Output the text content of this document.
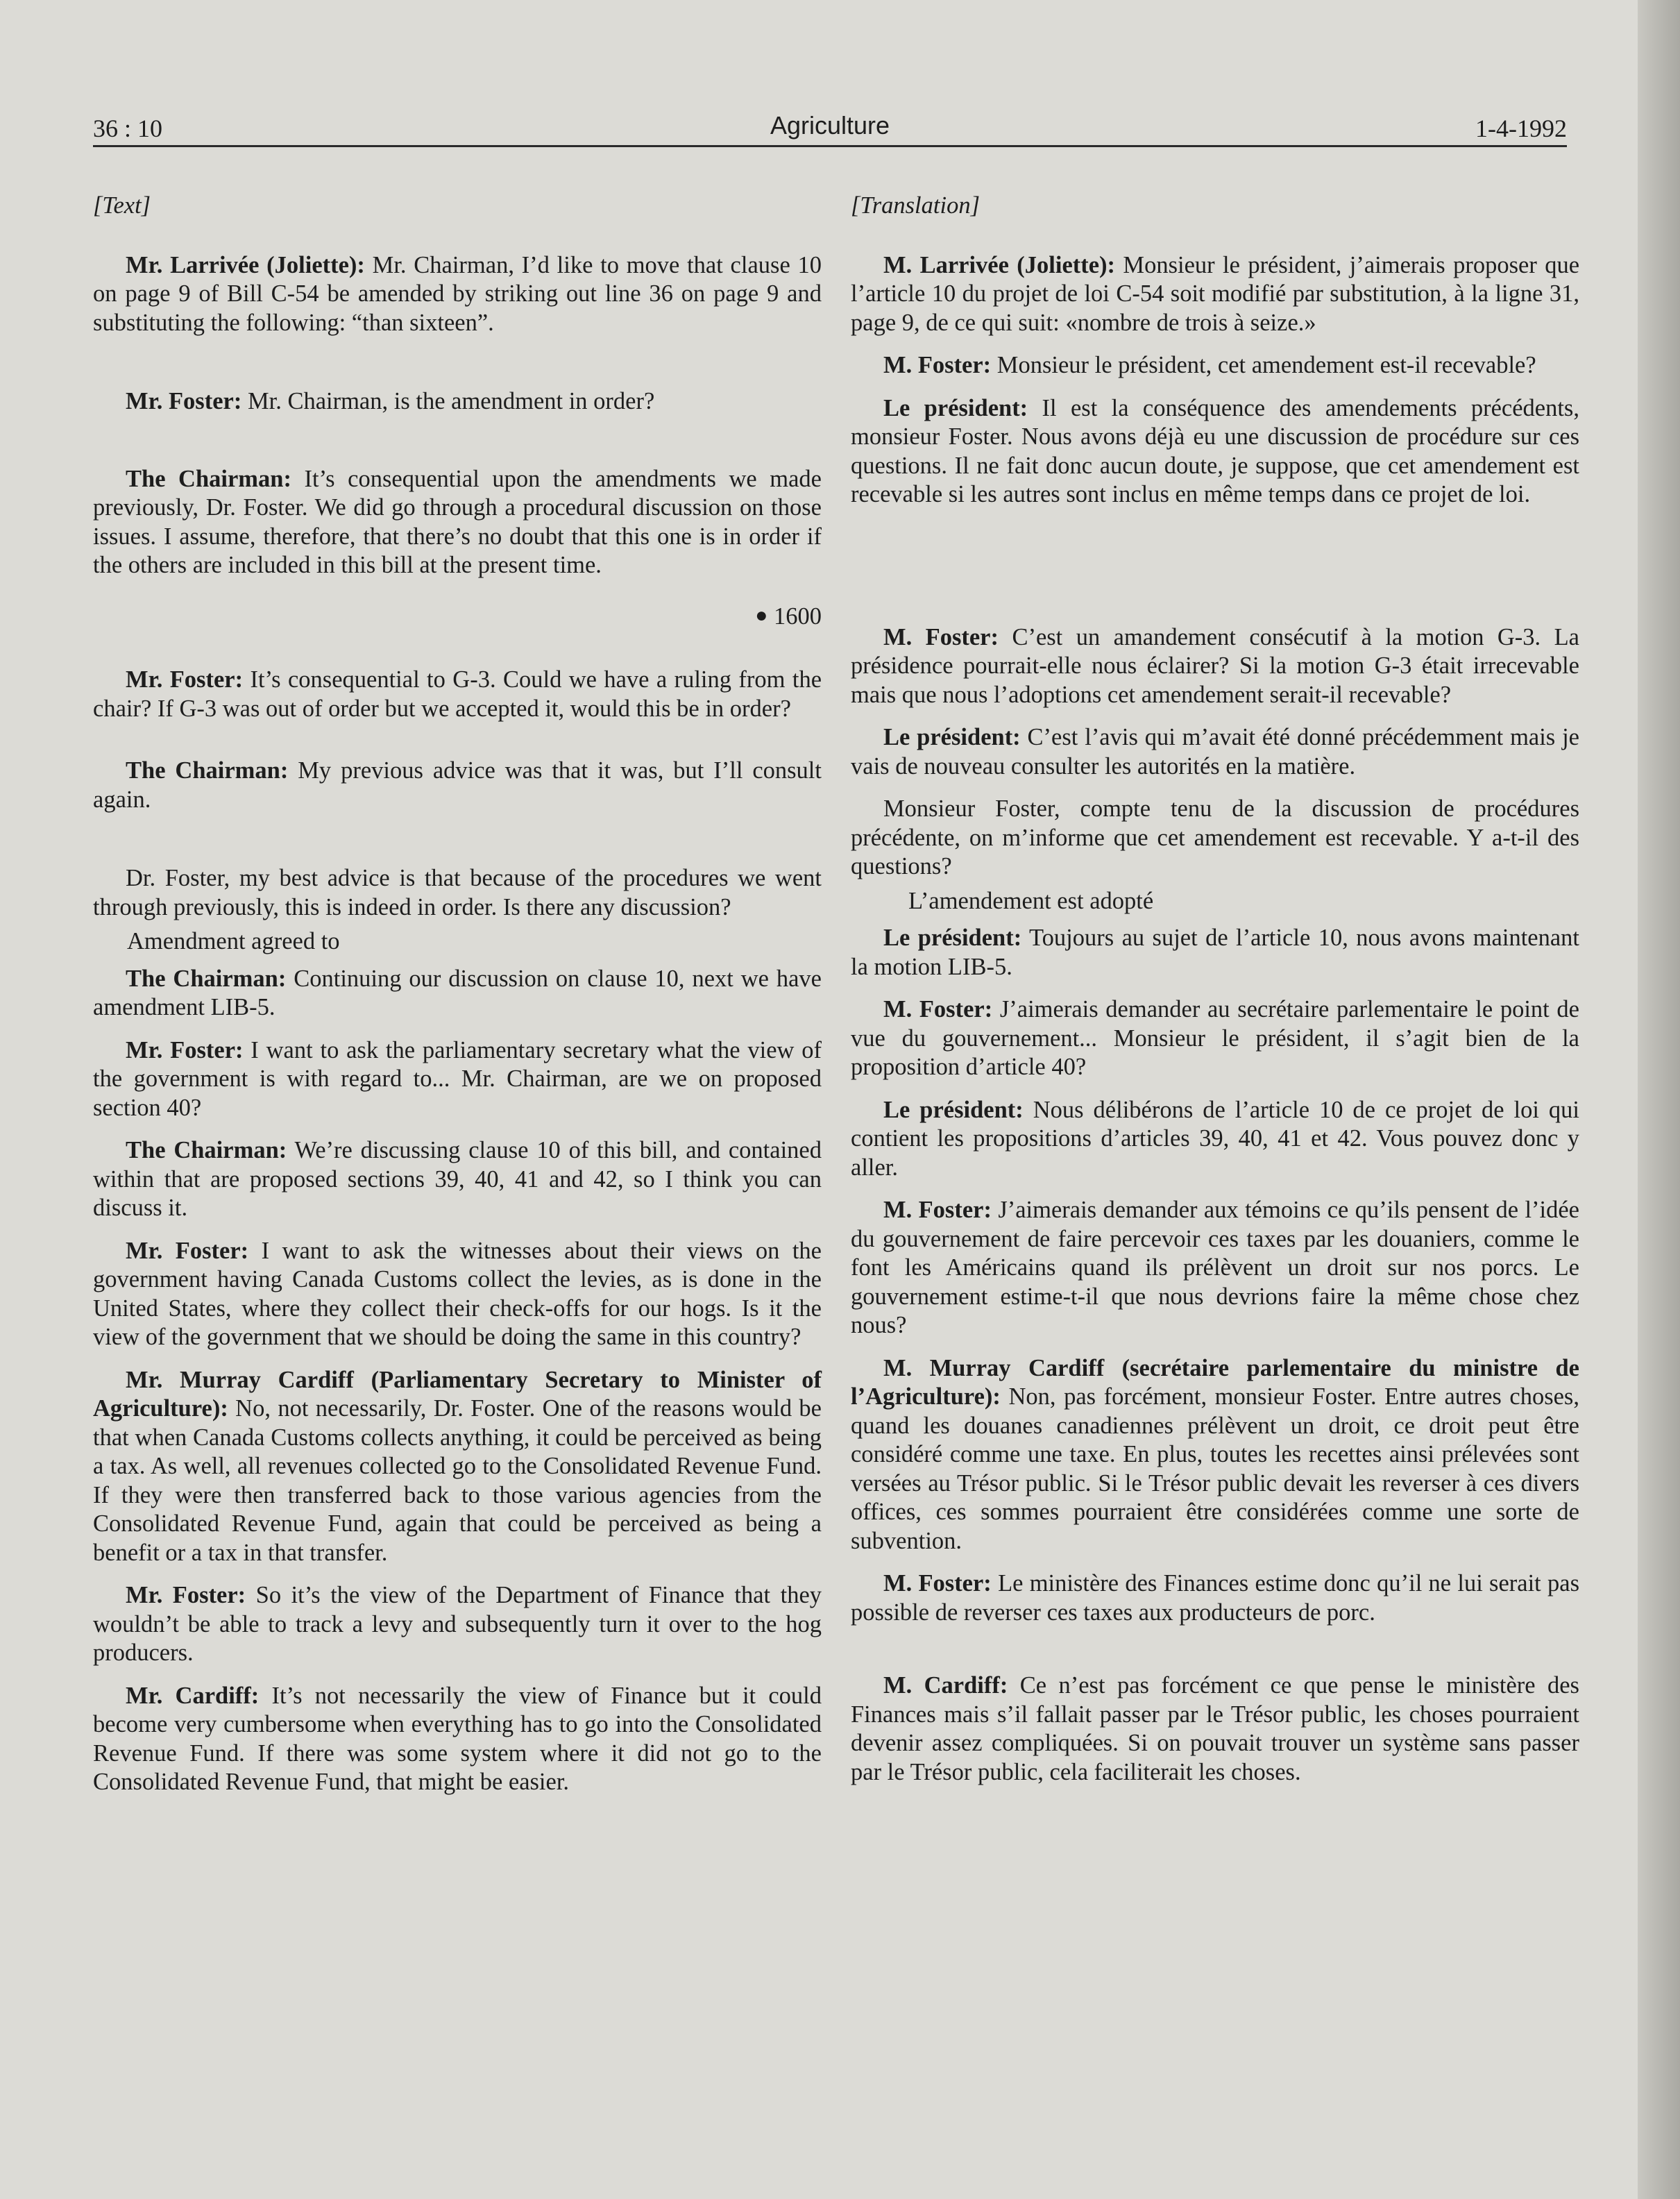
36 : 10	Agriculture	1-4-1992

[Text]

Mr. Larrivée (Joliette): Mr. Chairman, I’d like to move that clause 10 on page 9 of Bill C-54 be amended by striking out line 36 on page 9 and substituting the following: “than sixteen”.

Mr. Foster: Mr. Chairman, is the amendment in order?

The Chairman: It’s consequential upon the amendments we made previously, Dr. Foster. We did go through a procedural discussion on those issues. I assume, therefore, that there’s no doubt that this one is in order if the others are included in this bill at the present time.

● 1600

Mr. Foster: It’s consequential to G-3. Could we have a ruling from the chair? If G-3 was out of order but we accepted it, would this be in order?

The Chairman: My previous advice was that it was, but I’ll consult again.

Dr. Foster, my best advice is that because of the procedures we went through previously, this is indeed in order. Is there any discussion?

Amendment agreed to

The Chairman: Continuing our discussion on clause 10, next we have amendment LIB-5.

Mr. Foster: I want to ask the parliamentary secretary what the view of the government is with regard to... Mr. Chairman, are we on proposed section 40?

The Chairman: We’re discussing clause 10 of this bill, and contained within that are proposed sections 39, 40, 41 and 42, so I think you can discuss it.

Mr. Foster: I want to ask the witnesses about their views on the government having Canada Customs collect the levies, as is done in the United States, where they collect their check-offs for our hogs. Is it the view of the government that we should be doing the same in this country?

Mr. Murray Cardiff (Parliamentary Secretary to Minister of Agriculture): No, not necessarily, Dr. Foster. One of the reasons would be that when Canada Customs collects anything, it could be perceived as being a tax. As well, all revenues collected go to the Consolidated Revenue Fund. If they were then transferred back to those various agencies from the Consolidated Revenue Fund, again that could be perceived as being a benefit or a tax in that transfer.

Mr. Foster: So it’s the view of the Department of Finance that they wouldn’t be able to track a levy and subsequently turn it over to the hog producers.

Mr. Cardiff: It’s not necessarily the view of Finance but it could become very cumbersome when everything has to go into the Consolidated Revenue Fund. If there was some system where it did not go to the Consolidated Revenue Fund, that might be easier.

[Translation]

M. Larrivée (Joliette): Monsieur le président, j’aimerais proposer que l’article 10 du projet de loi C-54 soit modifié par substitution, à la ligne 31, page 9, de ce qui suit: «nombre de trois à seize.»

M. Foster: Monsieur le président, cet amendement est-il recevable?

Le président: Il est la conséquence des amendements précédents, monsieur Foster. Nous avons déjà eu une discussion de procédure sur ces questions. Il ne fait donc aucun doute, je suppose, que cet amendement est recevable si les autres sont inclus en même temps dans ce projet de loi.

M. Foster: C’est un amandement consécutif à la motion G-3. La présidence pourrait-elle nous éclairer? Si la motion G-3 était irrecevable mais que nous l’adoptions cet amendement serait-il recevable?

Le président: C’est l’avis qui m’avait été donné précédemment mais je vais de nouveau consulter les autorités en la matière.

Monsieur Foster, compte tenu de la discussion de procédures précédente, on m’informe que cet amendement est recevable. Y a-t-il des questions?

L’amendement est adopté

Le président: Toujours au sujet de l’article 10, nous avons maintenant la motion LIB-5.

M. Foster: J’aimerais demander au secrétaire parlementaire le point de vue du gouvernement... Monsieur le président, il s’agit bien de la proposition d’article 40?

Le président: Nous délibérons de l’article 10 de ce projet de loi qui contient les propositions d’articles 39, 40, 41 et 42. Vous pouvez donc y aller.

M. Foster: J’aimerais demander aux témoins ce qu’ils pensent de l’idée du gouvernement de faire percevoir ces taxes par les douaniers, comme le font les Américains quand ils prélèvent un droit sur nos porcs. Le gouvernement estime-t-il que nous devrions faire la même chose chez nous?

M. Murray Cardiff (secrétaire parlementaire du ministre de l’Agriculture): Non, pas forcément, monsieur Foster. Entre autres choses, quand les douanes canadiennes prélèvent un droit, ce droit peut être considéré comme une taxe. En plus, toutes les recettes ainsi prélevées sont versées au Trésor public. Si le Trésor public devait les reverser à ces divers offices, ces sommes pourraient être considérées comme une sorte de subvention.

M. Foster: Le ministère des Finances estime donc qu’il ne lui serait pas possible de reverser ces taxes aux producteurs de porc.

M. Cardiff: Ce n’est pas forcément ce que pense le ministère des Finances mais s’il fallait passer par le Trésor public, les choses pourraient devenir assez compliquées. Si on pouvait trouver un système sans passer par le Trésor public, cela faciliterait les choses.
